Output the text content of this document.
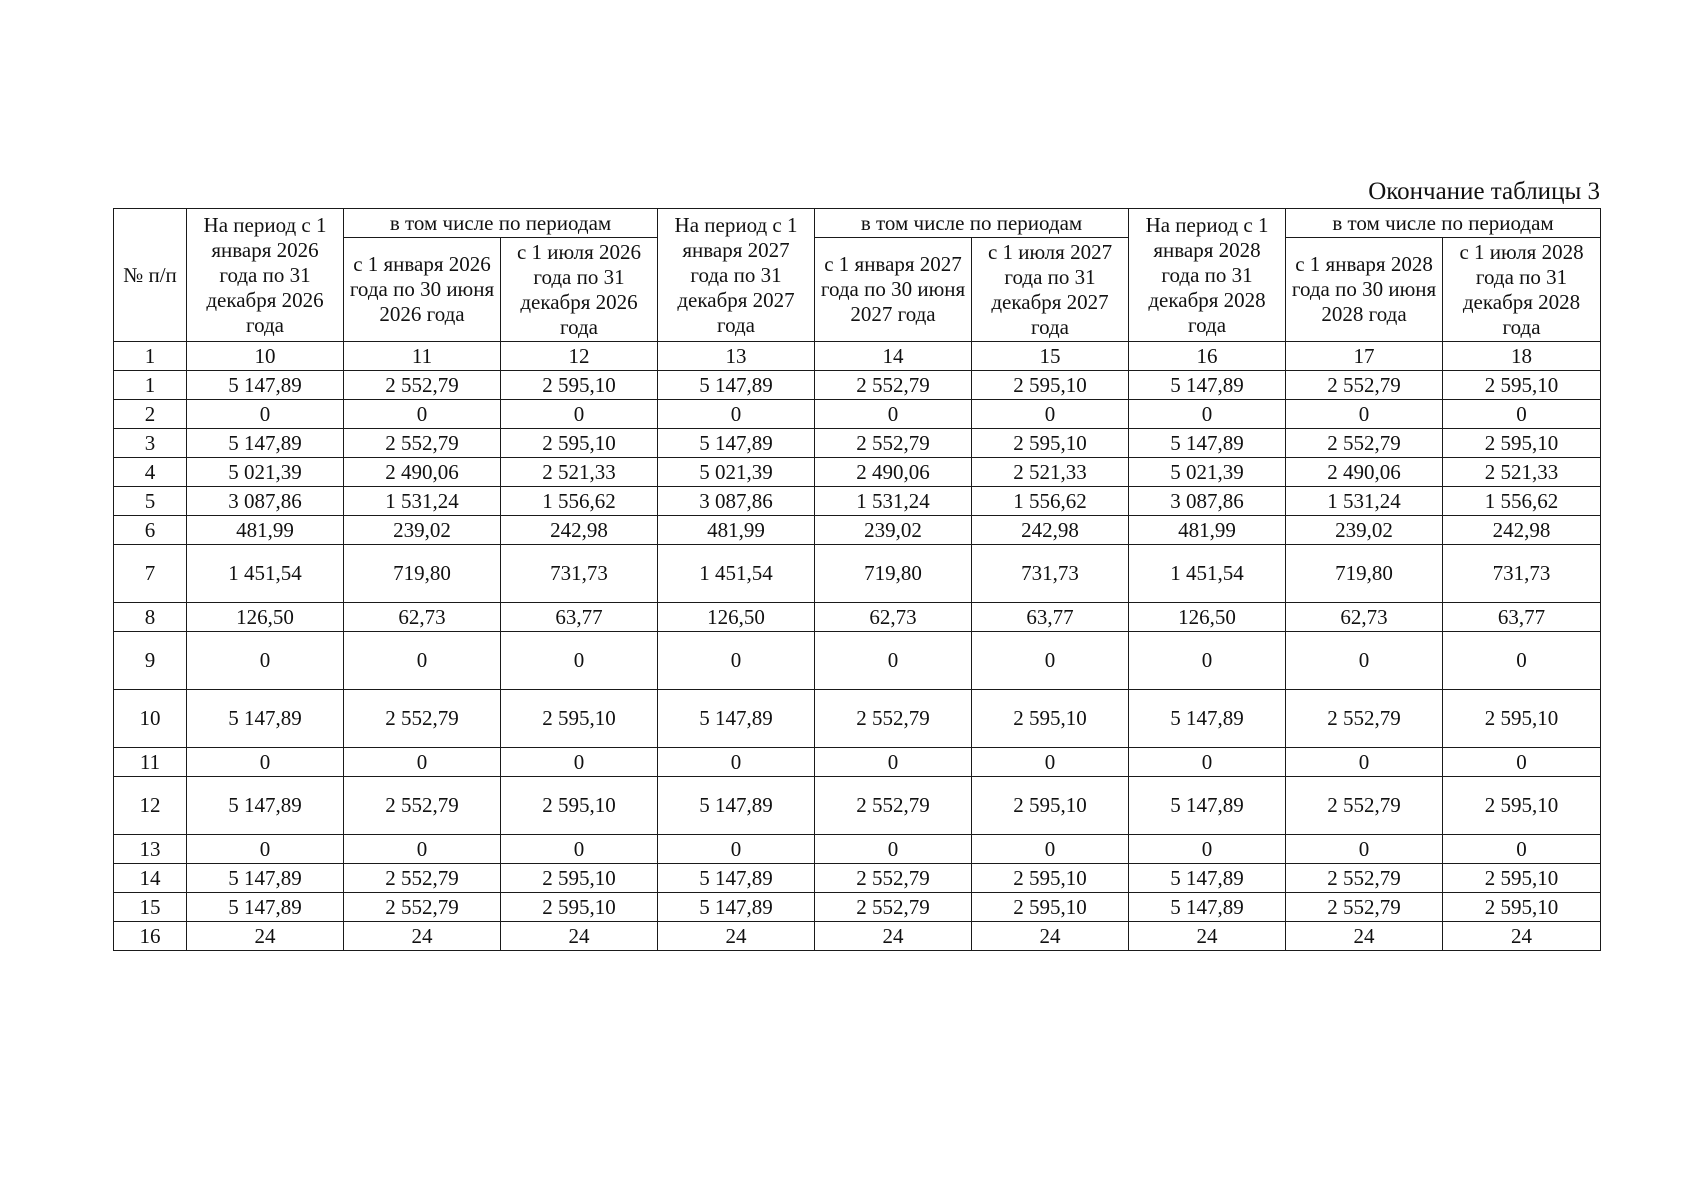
Окончание таблицы 3
№ п/п	На период с 1 января 2026 года по 31 декабря 2026 года	в том числе по периодам		На период с 1 января 2027 года по 31 декабря 2027 года	в том числе по периодам		На период с 1 января 2028 года по 31 декабря 2028 года	в том числе по периодам	
		с 1 января 2026 года по 30 июня 2026 года	с 1 июля 2026 года по 31 декабря 2026 года		с 1 января 2027 года по 30 июня 2027 года	с 1 июля 2027 года по 31 декабря 2027 года		с 1 января 2028 года по 30 июня 2028 года	с 1 июля 2028 года по 31 декабря 2028 года
1	10	11	12	13	14	15	16	17	18
1	5 147,89	2 552,79	2 595,10	5 147,89	2 552,79	2 595,10	5 147,89	2 552,79	2 595,10
2	0	0	0	0	0	0	0	0	0
3	5 147,89	2 552,79	2 595,10	5 147,89	2 552,79	2 595,10	5 147,89	2 552,79	2 595,10
4	5 021,39	2 490,06	2 521,33	5 021,39	2 490,06	2 521,33	5 021,39	2 490,06	2 521,33
5	3 087,86	1 531,24	1 556,62	3 087,86	1 531,24	1 556,62	3 087,86	1 531,24	1 556,62
6	481,99	239,02	242,98	481,99	239,02	242,98	481,99	239,02	242,98
7	1 451,54	719,80	731,73	1 451,54	719,80	731,73	1 451,54	719,80	731,73
8	126,50	62,73	63,77	126,50	62,73	63,77	126,50	62,73	63,77
9	0	0	0	0	0	0	0	0	0
10	5 147,89	2 552,79	2 595,10	5 147,89	2 552,79	2 595,10	5 147,89	2 552,79	2 595,10
11	0	0	0	0	0	0	0	0	0
12	5 147,89	2 552,79	2 595,10	5 147,89	2 552,79	2 595,10	5 147,89	2 552,79	2 595,10
13	0	0	0	0	0	0	0	0	0
14	5 147,89	2 552,79	2 595,10	5 147,89	2 552,79	2 595,10	5 147,89	2 552,79	2 595,10
15	5 147,89	2 552,79	2 595,10	5 147,89	2 552,79	2 595,10	5 147,89	2 552,79	2 595,10
16	24	24	24	24	24	24	24	24	24
